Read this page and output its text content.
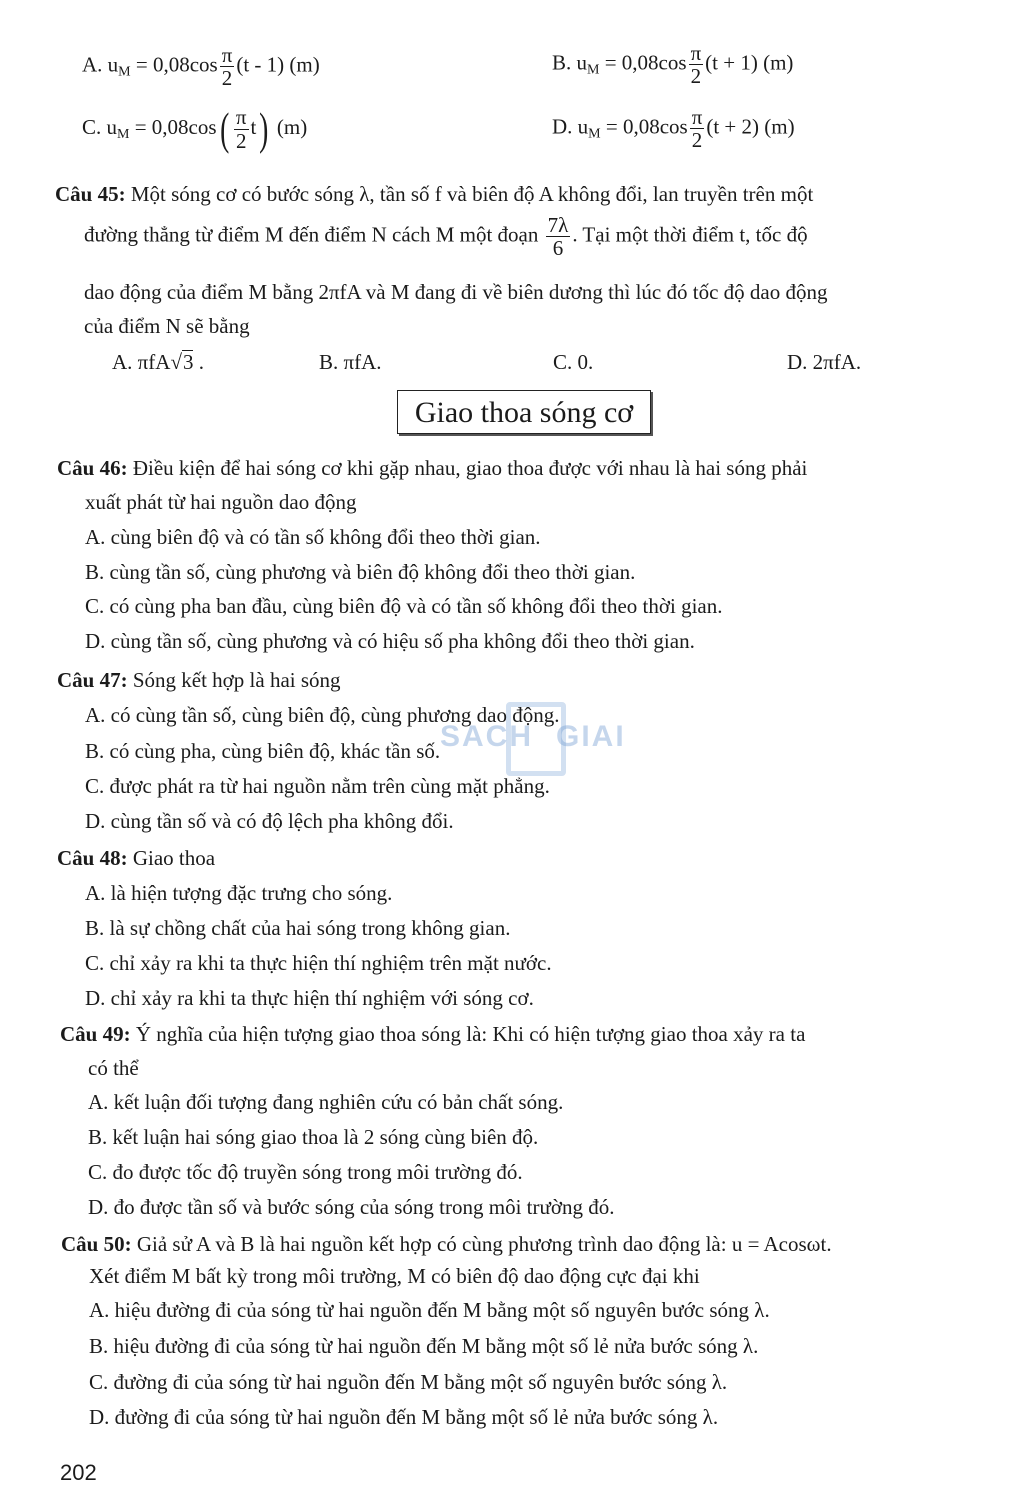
A. $u_M = 0,08\cos \frac{\pi}{2} (t - 1)$ (m)	B. $u_M = 0,08\cos \frac{\pi}{2} (t + 1)$ (m)
C. $u_M = 0,08\cos( \frac{\pi}{2} t)$ (m)	D. $u_M = 0,08\cos \frac{\pi}{2} (t + 2)$ (m)
Câu 45: Một sóng cơ có bước sóng λ, tần số f và biên độ A không đổi, lan truyền trên một
đường thẳng từ điểm M đến điểm N cách M một đoạn $\frac{7\lambda}{6}$ . Tại một thời điểm t, tốc độ
dao động của điểm M bằng 2πfA và M đang đi về biên dương thì lúc đó tốc độ dao động
của điểm N sẽ bằng
A. πfA√3 .	B. πfA.	C. 0.	D. 2πfA.
Giao thoa sóng cơ
Câu 46: Điều kiện để hai sóng cơ khi gặp nhau, giao thoa được với nhau là hai sóng phải
xuất phát từ hai nguồn dao động
A. cùng biên độ và có tần số không đổi theo thời gian.
B. cùng tần số, cùng phương và biên độ không đổi theo thời gian.
C. có cùng pha ban đầu, cùng biên độ và có tần số không đổi theo thời gian.
D. cùng tần số, cùng phương và có hiệu số pha không đổi theo thời gian.
Câu 47: Sóng kết hợp là hai sóng
A. có cùng tần số, cùng biên độ, cùng phương dao động.
B. có cùng pha, cùng biên độ, khác tần số.
C. được phát ra từ hai nguồn nằm trên cùng mặt phẳng.
D. cùng tần số và có độ lệch pha không đổi.
Câu 48: Giao thoa
A. là hiện tượng đặc trưng cho sóng.
B. là sự chồng chất của hai sóng trong không gian.
C. chỉ xảy ra khi ta thực hiện thí nghiệm trên mặt nước.
D. chỉ xảy ra khi ta thực hiện thí nghiệm với sóng cơ.
Câu 49: Ý nghĩa của hiện tượng giao thoa sóng là: Khi có hiện tượng giao thoa xảy ra ta
có thể
A. kết luận đối tượng đang nghiên cứu có bản chất sóng.
B. kết luận hai sóng giao thoa là 2 sóng cùng biên độ.
C. đo được tốc độ truyền sóng trong môi trường đó.
D. đo được tần số và bước sóng của sóng trong môi trường đó.
Câu 50: Giả sử A và B là hai nguồn kết hợp có cùng phương trình dao động là: u = Acosωt.
Xét điểm M bất kỳ trong môi trường, M có biên độ dao động cực đại khi
A. hiệu đường đi của sóng từ hai nguồn đến M bằng một số nguyên bước sóng λ.
B. hiệu đường đi của sóng từ hai nguồn đến M bằng một số lẻ nửa bước sóng λ.
C. đường đi của sóng từ hai nguồn đến M bằng một số nguyên bước sóng λ.
D. đường đi của sóng từ hai nguồn đến M bằng một số lẻ nửa bước sóng λ.
SACH GIAI
202
